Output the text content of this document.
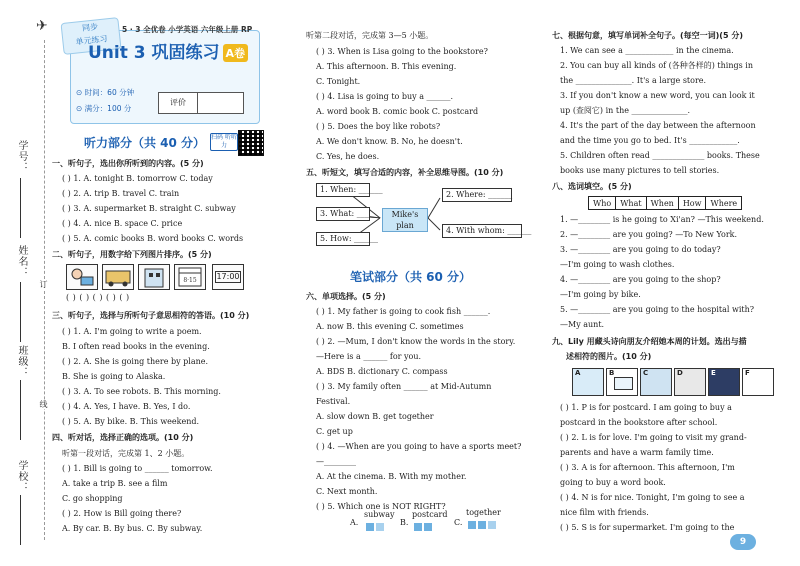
✈
学号：
姓名：
班级：
学校：
订
线
同步
单元练习
5 · 3 全优卷 小学英语 六年级上册 RP
Unit 3 巩固练习 A卷
⊙ 时间：60 分钟
⊙ 满分：100 分
评价
听力部分（共 40 分） 扫码 听听力
一、听句子，选出你所听到的内容。(5 分)
( ) 1. A. tonight B. tomorrow C. today
( ) 2. A. trip B. travel C. train
( ) 3. A. supermarket B. straight C. subway
( ) 4. A. nice B. space C. price
( ) 5. A. comic books B. word books C. words
二、听句子，用数字给下列图片排序。(5 分)
8·15 17:00
( ) ( ) ( ) ( ) ( )
三、听句子，选择与所听句子意思相符的答语。(10 分)
( ) 1. A. I'm going to write a poem.
B. I often read books in the evening.
( ) 2. A. She is going there by plane.
B. She is going to Alaska.
( ) 3. A. To see robots. B. This morning.
( ) 4. A. Yes, I have. B. Yes, I do.
( ) 5. A. By bike. B. This weekend.
四、听对话，选择正确的选项。(10 分)
听第一段对话，完成第 1、2 小题。
( ) 1. Bill is going to ______ tomorrow.
A. take a trip B. see a film
C. go shopping
( ) 2. How is Bill going there?
A. By car. B. By bus. C. By subway.
听第二段对话，完成第 3—5 小题。
( ) 3. When is Lisa going to the bookstore?
A. This afternoon. B. This evening.
C. Tonight.
( ) 4. Lisa is going to buy a ______.
A. word book B. comic book C. postcard
( ) 5. Does the boy like robots?
A. We don't know. B. No, he doesn't.
C. Yes, he does.
五、听短文，填写合适的内容，补全思维导图。(10 分)
1. When: ______
3. What: ______
5. How: ______
Mike's plan
2. Where: ______
4. With whom: ______
笔试部分（共 60 分）
六、单项选择。(5 分)
( ) 1. My father is going to cook fish ______.
A. now B. this evening C. sometimes
( ) 2. —Mum, I don't know the words in the story.
—Here is a ______ for you.
A. BDS B. dictionary C. compass
( ) 3. My family often ______ at Mid-Autumn
Festival.
A. slow down B. get together
C. get up
( ) 4. —When are you going to have a sports meet?
—________
A. At the cinema. B. With my mother.
C. Next month.
( ) 5. Which one is NOT RIGHT?
A.
subway
B.
postcard
C.
together
七、根据句意，填写单词补全句子。(每空一词)(5 分)
1. We can see a ____________ in the cinema.
2. You can buy all kinds of (各种各样的) things in
the ______________. It's a large store.
3. If you don't know a new word, you can look it
up (查阅它) in the ______________.
4. It's the part of the day between the afternoon
and the time you go to bed. It's ____________.
5. Children often read _____________ books. These
books use many pictures to tell stories.
八、选词填空。(5 分)
Who	What	When	How	Where
1. —________ is he going to Xi'an? —This weekend.
2. —________ are you going? —To New York.
3. —________ are you going to do today?
—I'm going to wash clothes.
4. —________ are you going to the shop?
—I'm going by bike.
5. —________ are you going to the hospital with?
—My aunt.
九、Lily 用藏头诗向朋友介绍她本周的计划。选出与描
述相符的图片。(10 分)
A	B	C	D	E	F
( ) 1. P is for postcard. I am going to buy a
postcard in the bookstore after school.
( ) 2. L is for love. I'm going to visit my grand-
parents and have a warm family time.
( ) 3. A is for afternoon. This afternoon, I'm
going to buy a word book.
( ) 4. N is for nice. Tonight, I'm going to see a
nice film with friends.
( ) 5. S is for supermarket. I'm going to the
9
